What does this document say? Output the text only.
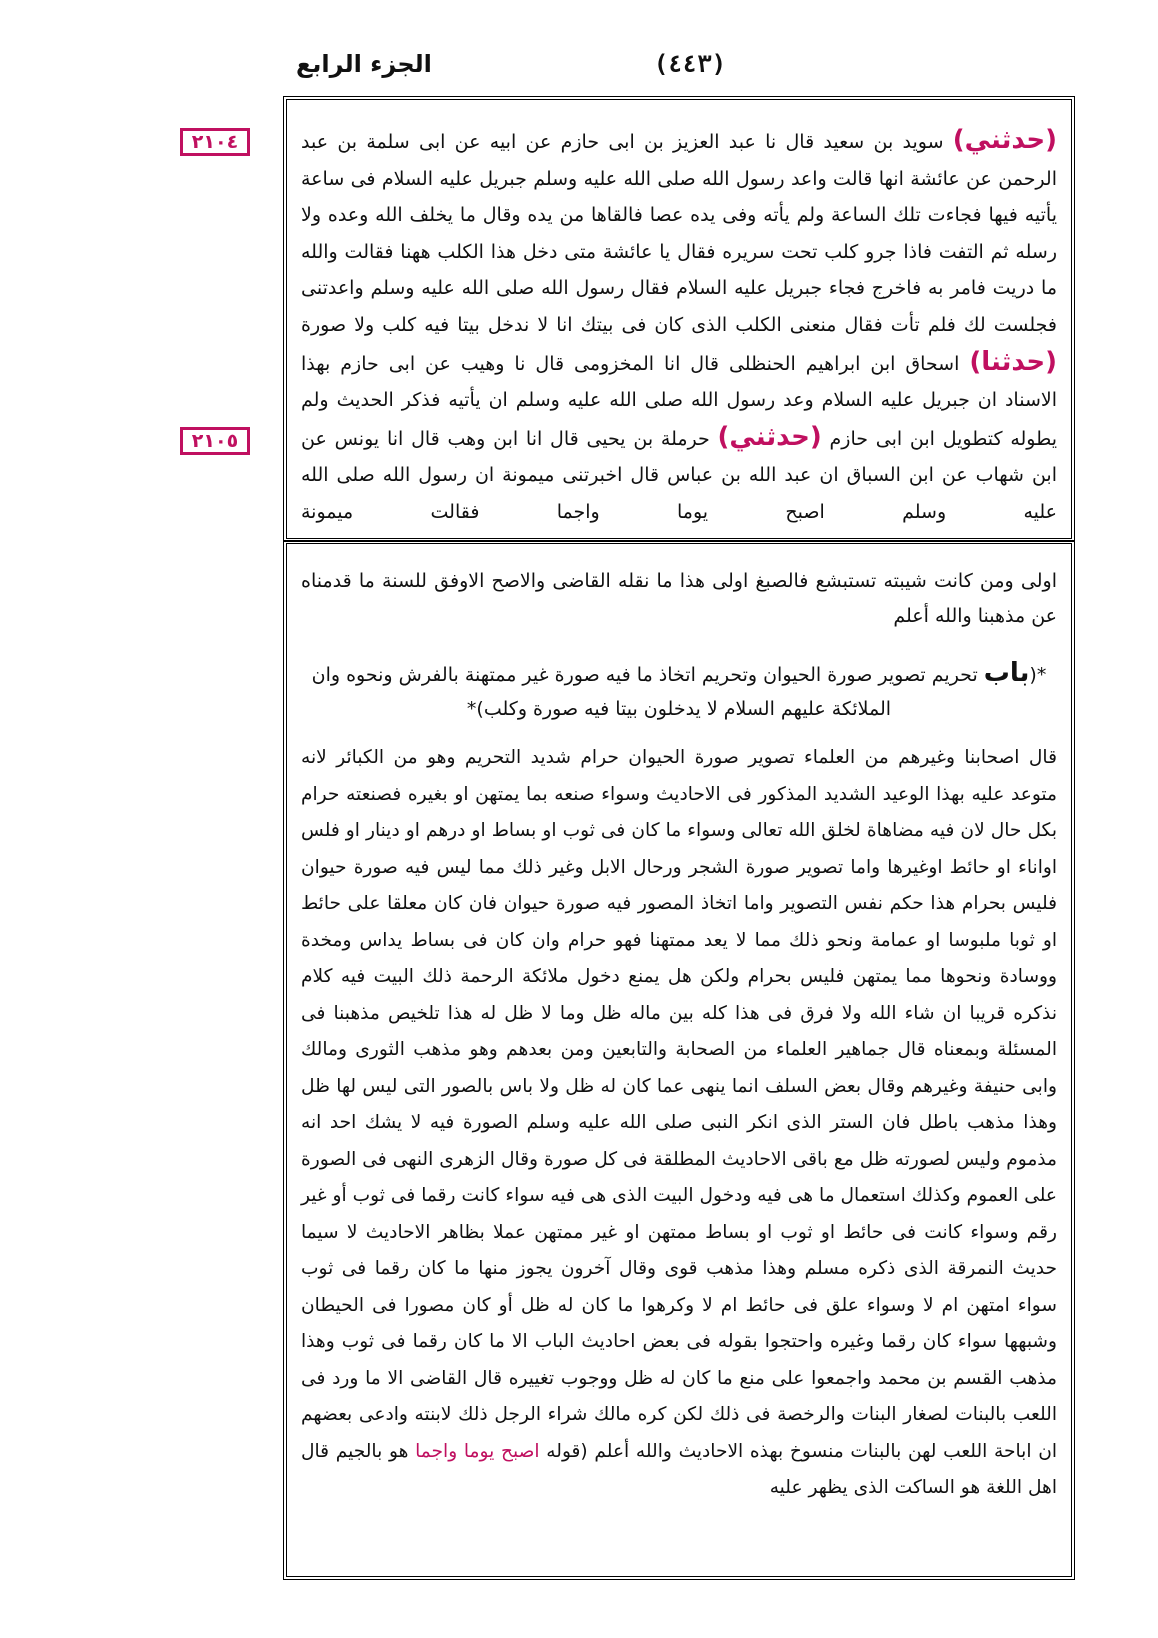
(٤٤٣)
الجزء الرابع
٢١٠٤
٢١٠٥
(حدثني) سويد بن سعيد قال نا عبد العزيز بن ابى حازم عن ابيه عن ابى سلمة بن عبد الرحمن عن عائشة انها قالت واعد رسول الله صلى الله عليه وسلم جبريل عليه السلام فى ساعة يأتيه فيها فجاءت تلك الساعة ولم يأته وفى يده عصا فالقاها من يده وقال ما يخلف الله وعده ولا رسله ثم التفت فاذا جرو كلب تحت سريره فقال يا عائشة متى دخل هذا الكلب ههنا فقالت والله ما دريت فامر به فاخرج فجاء جبريل عليه السلام فقال رسول الله صلى الله عليه وسلم واعدتنى فجلست لك فلم تأت فقال منعنى الكلب الذى كان فى بيتك انا لا ندخل بيتا فيه كلب ولا صورة (حدثنا) اسحاق ابن ابراهيم الحنظلى قال انا المخزومى قال نا وهيب عن ابى حازم بهذا الاسناد ان جبريل عليه السلام وعد رسول الله صلى الله عليه وسلم ان يأتيه فذكر الحديث ولم يطوله كتطويل ابن ابى حازم (حدثني) حرملة بن يحيى قال انا ابن وهب قال انا يونس عن ابن شهاب عن ابن السباق ان عبد الله بن عباس قال اخبرتنى ميمونة ان رسول الله صلى الله عليه وسلم اصبح يوما واجما فقالت ميمونة
اولى ومن كانت شيبته تستبشع فالصبغ اولى هذا ما نقله القاضى والاصح الاوفق للسنة ما قدمناه عن مذهبنا والله أعلم
*(باب تحريم تصوير صورة الحيوان وتحريم اتخاذ ما فيه صورة غير ممتهنة بالفرش ونحوه وان الملائكة عليهم السلام لا يدخلون بيتا فيه صورة وكلب)*
قال اصحابنا وغيرهم من العلماء تصوير صورة الحيوان حرام شديد التحريم وهو من الكبائر لانه متوعد عليه بهذا الوعيد الشديد المذكور فى الاحاديث وسواء صنعه بما يمتهن او بغيره فصنعته حرام بكل حال لان فيه مضاهاة لخلق الله تعالى وسواء ما كان فى ثوب او بساط او درهم او دينار او فلس اواناء او حائط اوغيرها واما تصوير صورة الشجر ورحال الابل وغير ذلك مما ليس فيه صورة حيوان فليس بحرام هذا حكم نفس التصوير واما اتخاذ المصور فيه صورة حيوان فان كان معلقا على حائط او ثوبا ملبوسا او عمامة ونحو ذلك مما لا يعد ممتهنا فهو حرام وان كان فى بساط يداس ومخدة ووسادة ونحوها مما يمتهن فليس بحرام ولكن هل يمنع دخول ملائكة الرحمة ذلك البيت فيه كلام نذكره قريبا ان شاء الله ولا فرق فى هذا كله بين ماله ظل وما لا ظل له هذا تلخيص مذهبنا فى المسئلة وبمعناه قال جماهير العلماء من الصحابة والتابعين ومن بعدهم وهو مذهب الثورى ومالك وابى حنيفة وغيرهم وقال بعض السلف انما ينهى عما كان له ظل ولا باس بالصور التى ليس لها ظل وهذا مذهب باطل فان الستر الذى انكر النبى صلى الله عليه وسلم الصورة فيه لا يشك احد انه مذموم وليس لصورته ظل مع باقى الاحاديث المطلقة فى كل صورة وقال الزهرى النهى فى الصورة على العموم وكذلك استعمال ما هى فيه ودخول البيت الذى هى فيه سواء كانت رقما فى ثوب أو غير رقم وسواء كانت فى حائط او ثوب او بساط ممتهن او غير ممتهن عملا بظاهر الاحاديث لا سيما حديث النمرقة الذى ذكره مسلم وهذا مذهب قوى وقال آخرون يجوز منها ما كان رقما فى ثوب سواء امتهن ام لا وسواء علق فى حائط ام لا وكرهوا ما كان له ظل أو كان مصورا فى الحيطان وشبهها سواء كان رقما وغيره واحتجوا بقوله فى بعض احاديث الباب الا ما كان رقما فى ثوب وهذا مذهب القسم بن محمد واجمعوا على منع ما كان له ظل ووجوب تغييره قال القاضى الا ما ورد فى اللعب بالبنات لصغار البنات والرخصة فى ذلك لكن كره مالك شراء الرجل ذلك لابنته وادعى بعضهم ان اباحة اللعب لهن بالبنات منسوخ بهذه الاحاديث والله أعلم (قوله اصبح يوما واجما هو بالجيم قال اهل اللغة هو الساكت الذى يظهر عليه
